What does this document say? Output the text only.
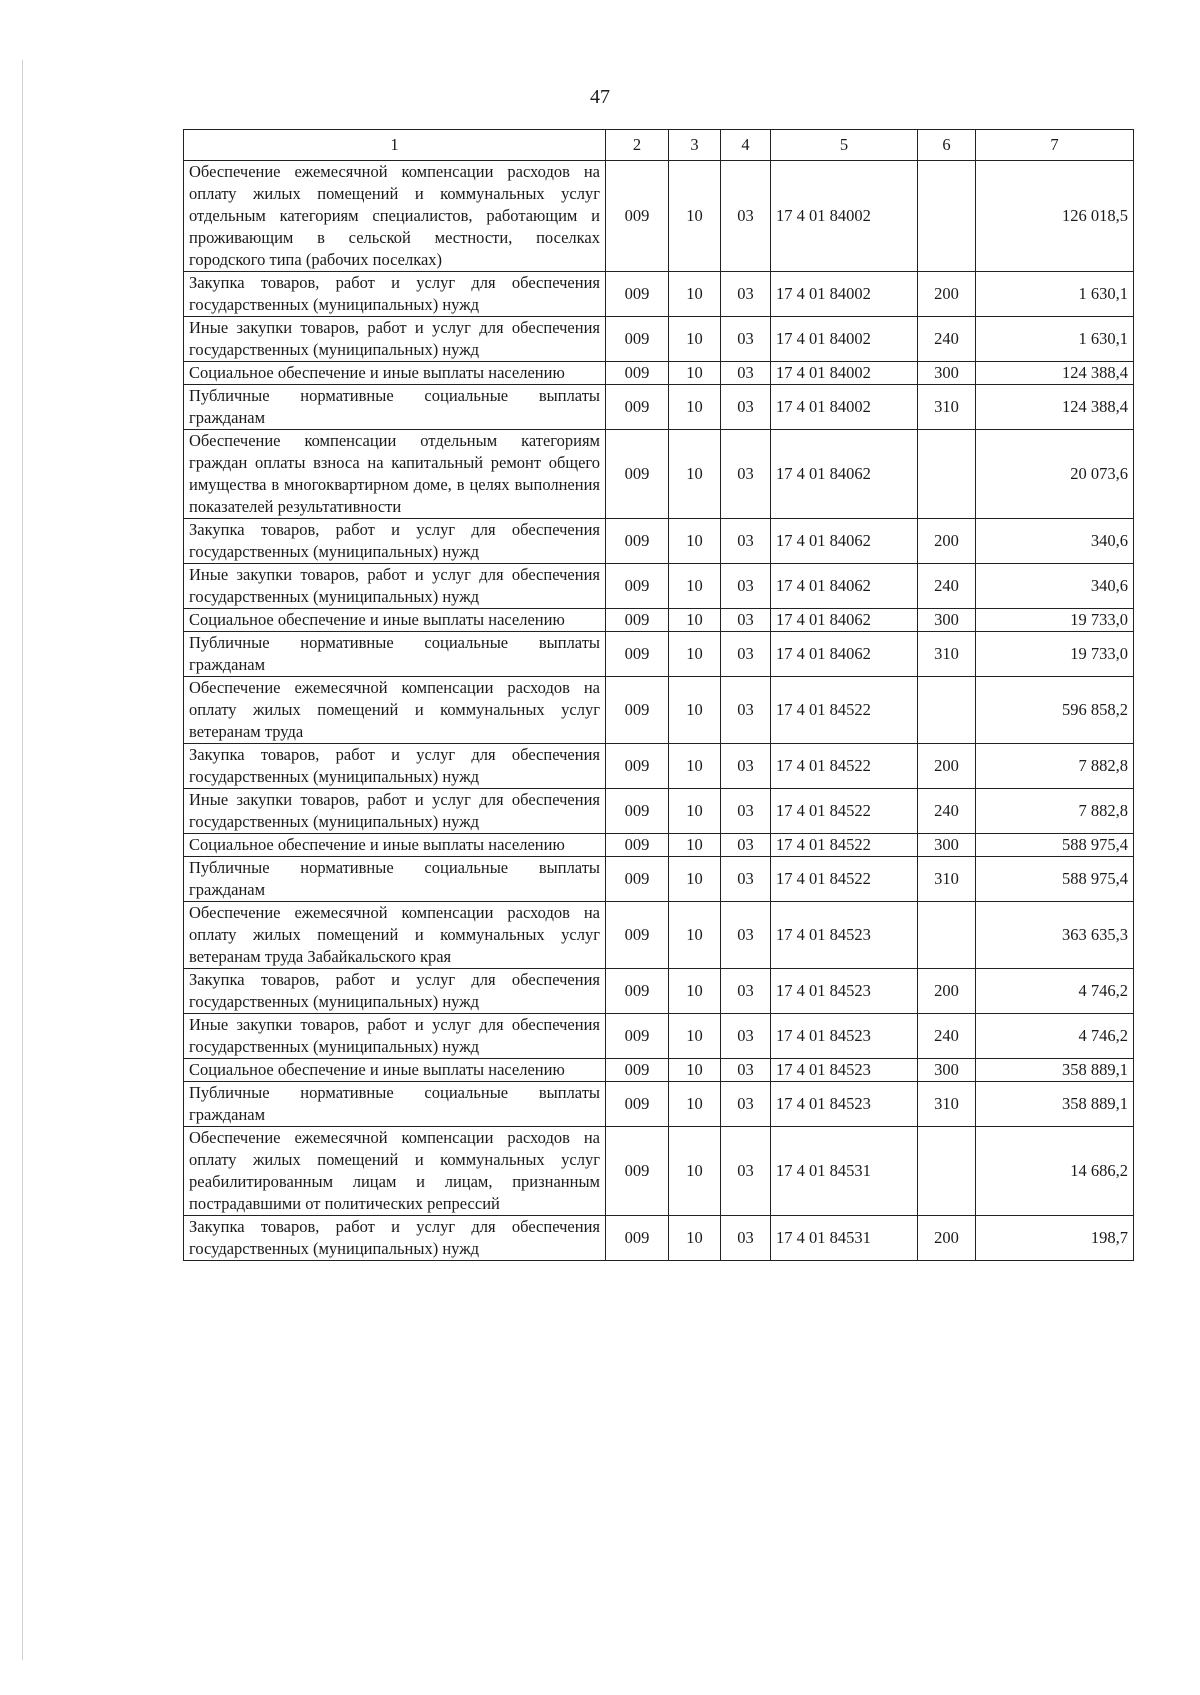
47
1	2	3	4	5	6	7
Обеспечение ежемесячной компенсации расходов на оплату жилых помещений и коммунальных услуг отдельным категориям специалистов, работающим и проживающим в сельской местности, поселках городского типа (рабочих поселках)	009	10	03	17 4 01 84002		126 018,5
Закупка товаров, работ и услуг для обеспечения государственных (муниципальных) нужд	009	10	03	17 4 01 84002	200	1 630,1
Иные закупки товаров, работ и услуг для обеспечения государственных (муниципальных) нужд	009	10	03	17 4 01 84002	240	1 630,1
Социальное обеспечение и иные выплаты населению	009	10	03	17 4 01 84002	300	124 388,4
Публичные нормативные социальные выплаты гражданам	009	10	03	17 4 01 84002	310	124 388,4
Обеспечение компенсации отдельным категориям граждан оплаты взноса на капитальный ремонт общего имущества в многоквартирном доме, в целях выполнения показателей результативности	009	10	03	17 4 01 84062		20 073,6
Закупка товаров, работ и услуг для обеспечения государственных (муниципальных) нужд	009	10	03	17 4 01 84062	200	340,6
Иные закупки товаров, работ и услуг для обеспечения государственных (муниципальных) нужд	009	10	03	17 4 01 84062	240	340,6
Социальное обеспечение и иные выплаты населению	009	10	03	17 4 01 84062	300	19 733,0
Публичные нормативные социальные выплаты гражданам	009	10	03	17 4 01 84062	310	19 733,0
Обеспечение ежемесячной компенсации расходов на оплату жилых помещений и коммунальных услуг ветеранам труда	009	10	03	17 4 01 84522		596 858,2
Закупка товаров, работ и услуг для обеспечения государственных (муниципальных) нужд	009	10	03	17 4 01 84522	200	7 882,8
Иные закупки товаров, работ и услуг для обеспечения государственных (муниципальных) нужд	009	10	03	17 4 01 84522	240	7 882,8
Социальное обеспечение и иные выплаты населению	009	10	03	17 4 01 84522	300	588 975,4
Публичные нормативные социальные выплаты гражданам	009	10	03	17 4 01 84522	310	588 975,4
Обеспечение ежемесячной компенсации расходов на оплату жилых помещений и коммунальных услуг ветеранам труда Забайкальского края	009	10	03	17 4 01 84523		363 635,3
Закупка товаров, работ и услуг для обеспечения государственных (муниципальных) нужд	009	10	03	17 4 01 84523	200	4 746,2
Иные закупки товаров, работ и услуг для обеспечения государственных (муниципальных) нужд	009	10	03	17 4 01 84523	240	4 746,2
Социальное обеспечение и иные выплаты населению	009	10	03	17 4 01 84523	300	358 889,1
Публичные нормативные социальные выплаты гражданам	009	10	03	17 4 01 84523	310	358 889,1
Обеспечение ежемесячной компенсации расходов на оплату жилых помещений и коммунальных услуг реабилитированным лицам и лицам, признанным пострадавшими от политических репрессий	009	10	03	17 4 01 84531		14 686,2
Закупка товаров, работ и услуг для обеспечения государственных (муниципальных) нужд	009	10	03	17 4 01 84531	200	198,7
